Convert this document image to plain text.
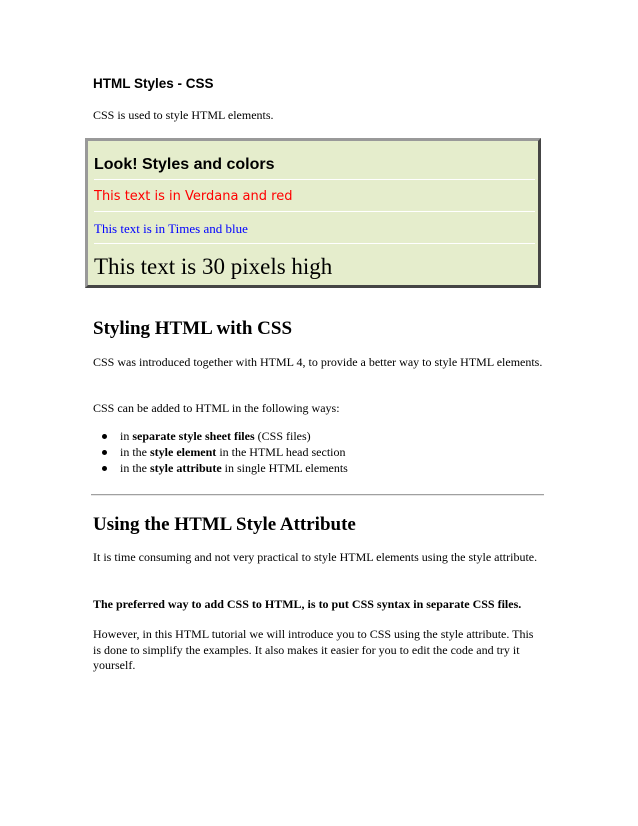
HTML Styles - CSS

CSS is used to style HTML elements.

Look! Styles and colors
This text is in Verdana and red
This text is in Times and blue
This text is 30 pixels high
Styling HTML with CSS

CSS was introduced together with HTML 4, to provide a better way to style HTML elements.

CSS can be added to HTML in the following ways:

in separate style sheet files (CSS files)
in the style element in the HTML head section
in the style attribute in single HTML elements
Using the HTML Style Attribute

It is time consuming and not very practical to style HTML elements using the style attribute.

The preferred way to add CSS to HTML, is to put CSS syntax in separate CSS files.

However, in this HTML tutorial we will introduce you to CSS using the style attribute. This is done to simplify the examples. It also makes it easier for you to edit the code and try it yourself.
